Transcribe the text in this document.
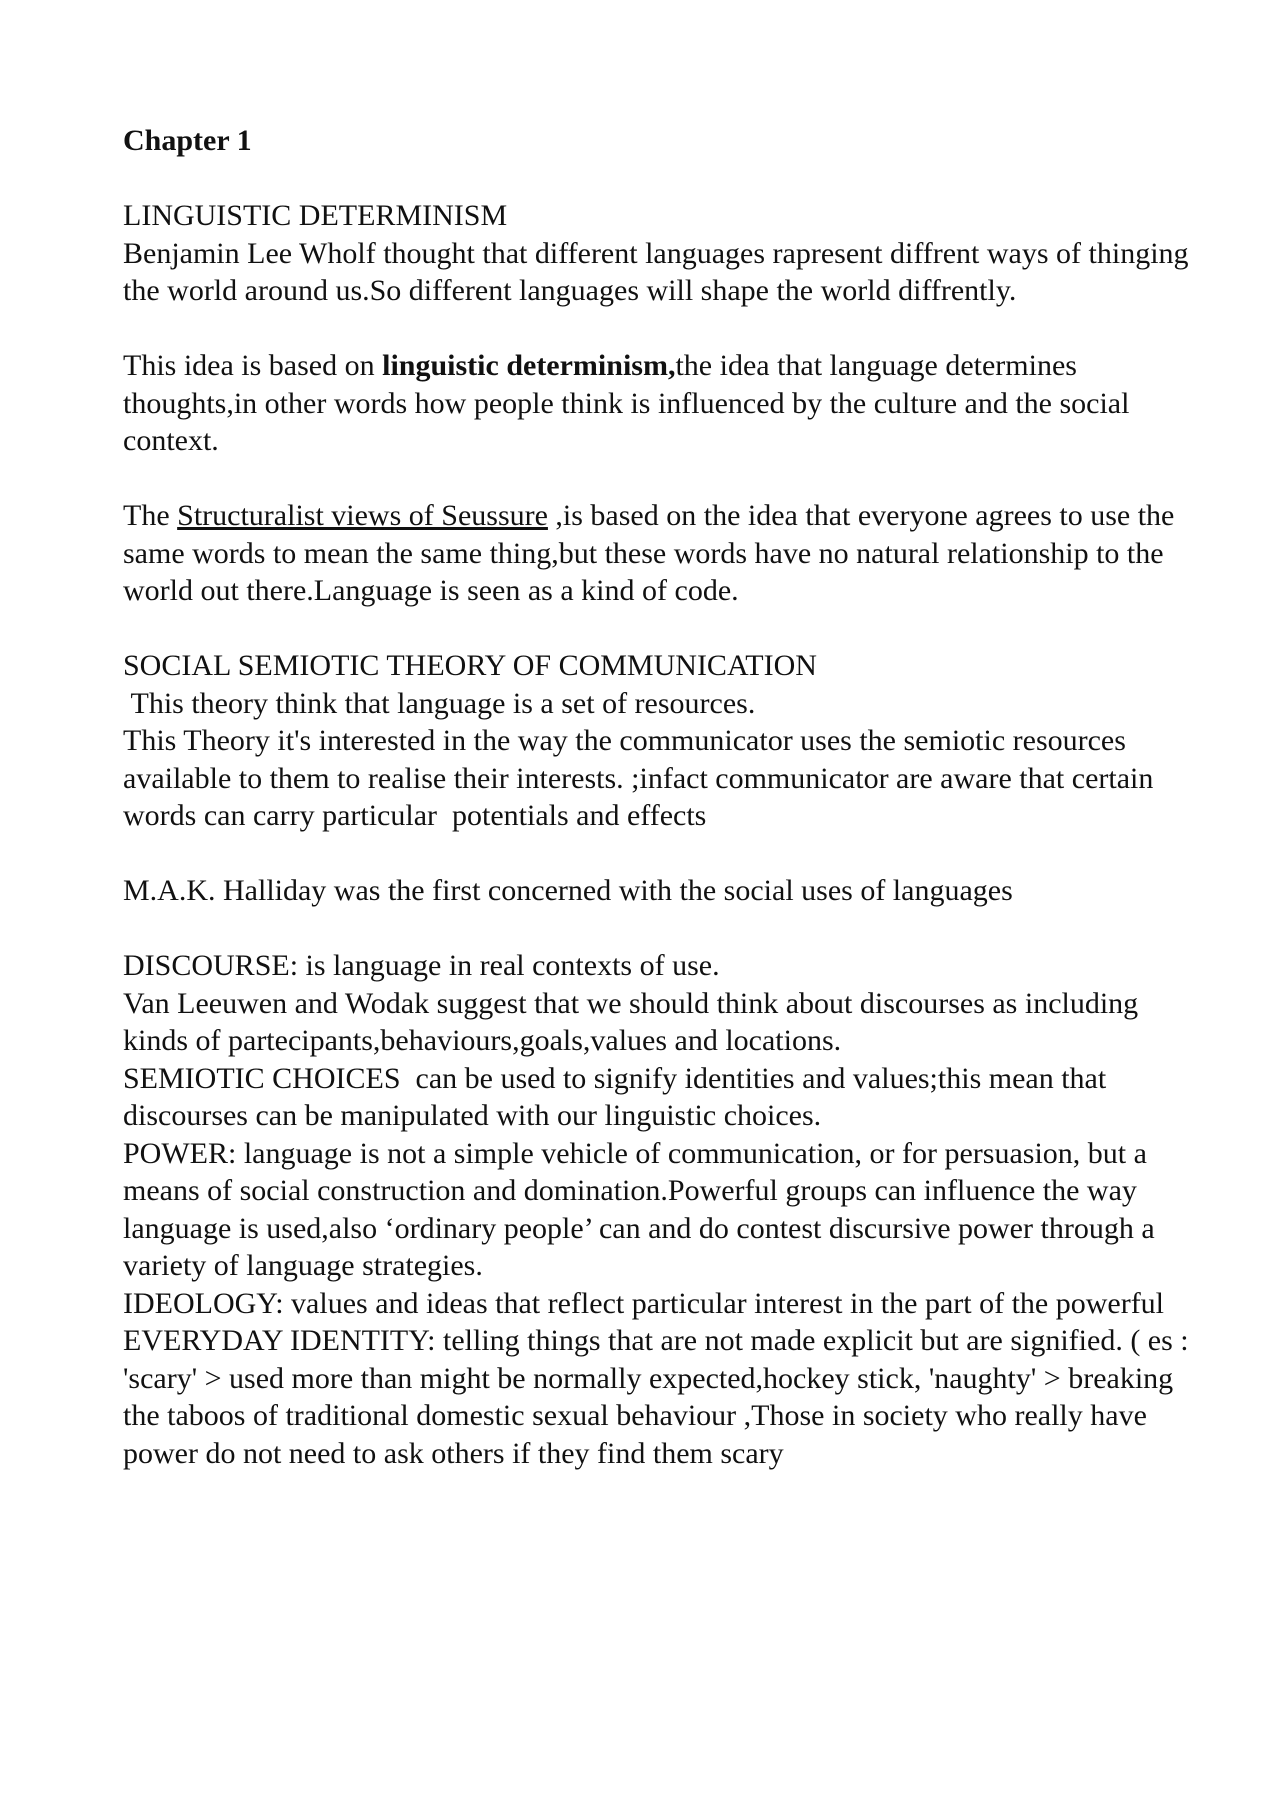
Chapter 1

LINGUISTIC DETERMINISM

Benjamin Lee Wholf thought that different languages rapresent diffrent ways of thinging the world around us.So different languages will shape the world diffrently.

This idea is based on linguistic determinism,the idea that language determines thoughts,in other words how people think is influenced by the culture and the social context.

The Structuralist views of Seussure ,is based on the idea that everyone agrees to use the same words to mean the same thing,but these words have no natural relationship to the world out there.Language is seen as a kind of code.

SOCIAL SEMIOTIC THEORY OF COMMUNICATION

This theory think that language is a set of resources.

This Theory it's interested in the way the communicator uses the semiotic resources available to them to realise their interests. ;infact communicator are aware that certain words can carry particular  potentials and effects

M.A.K. Halliday was the first concerned with the social uses of languages

DISCOURSE: is language in real contexts of use.

Van Leeuwen and Wodak suggest that we should think about discourses as including kinds of partecipants,behaviours,goals,values and locations.

SEMIOTIC CHOICES  can be used to signify identities and values;this mean that discourses can be manipulated with our linguistic choices.

POWER: language is not a simple vehicle of communication, or for persuasion, but a means of social construction and domination.Powerful groups can influence the way language is used,also ‘ordinary people’ can and do contest discursive power through a variety of language strategies.

IDEOLOGY: values and ideas that reflect particular interest in the part of the powerful

EVERYDAY IDENTITY: telling things that are not made explicit but are signified. ( es : 'scary' > used more than might be normally expected,hockey stick, 'naughty' > breaking the taboos of traditional domestic sexual behaviour ,Those in society who really have power do not need to ask others if they find them scary
